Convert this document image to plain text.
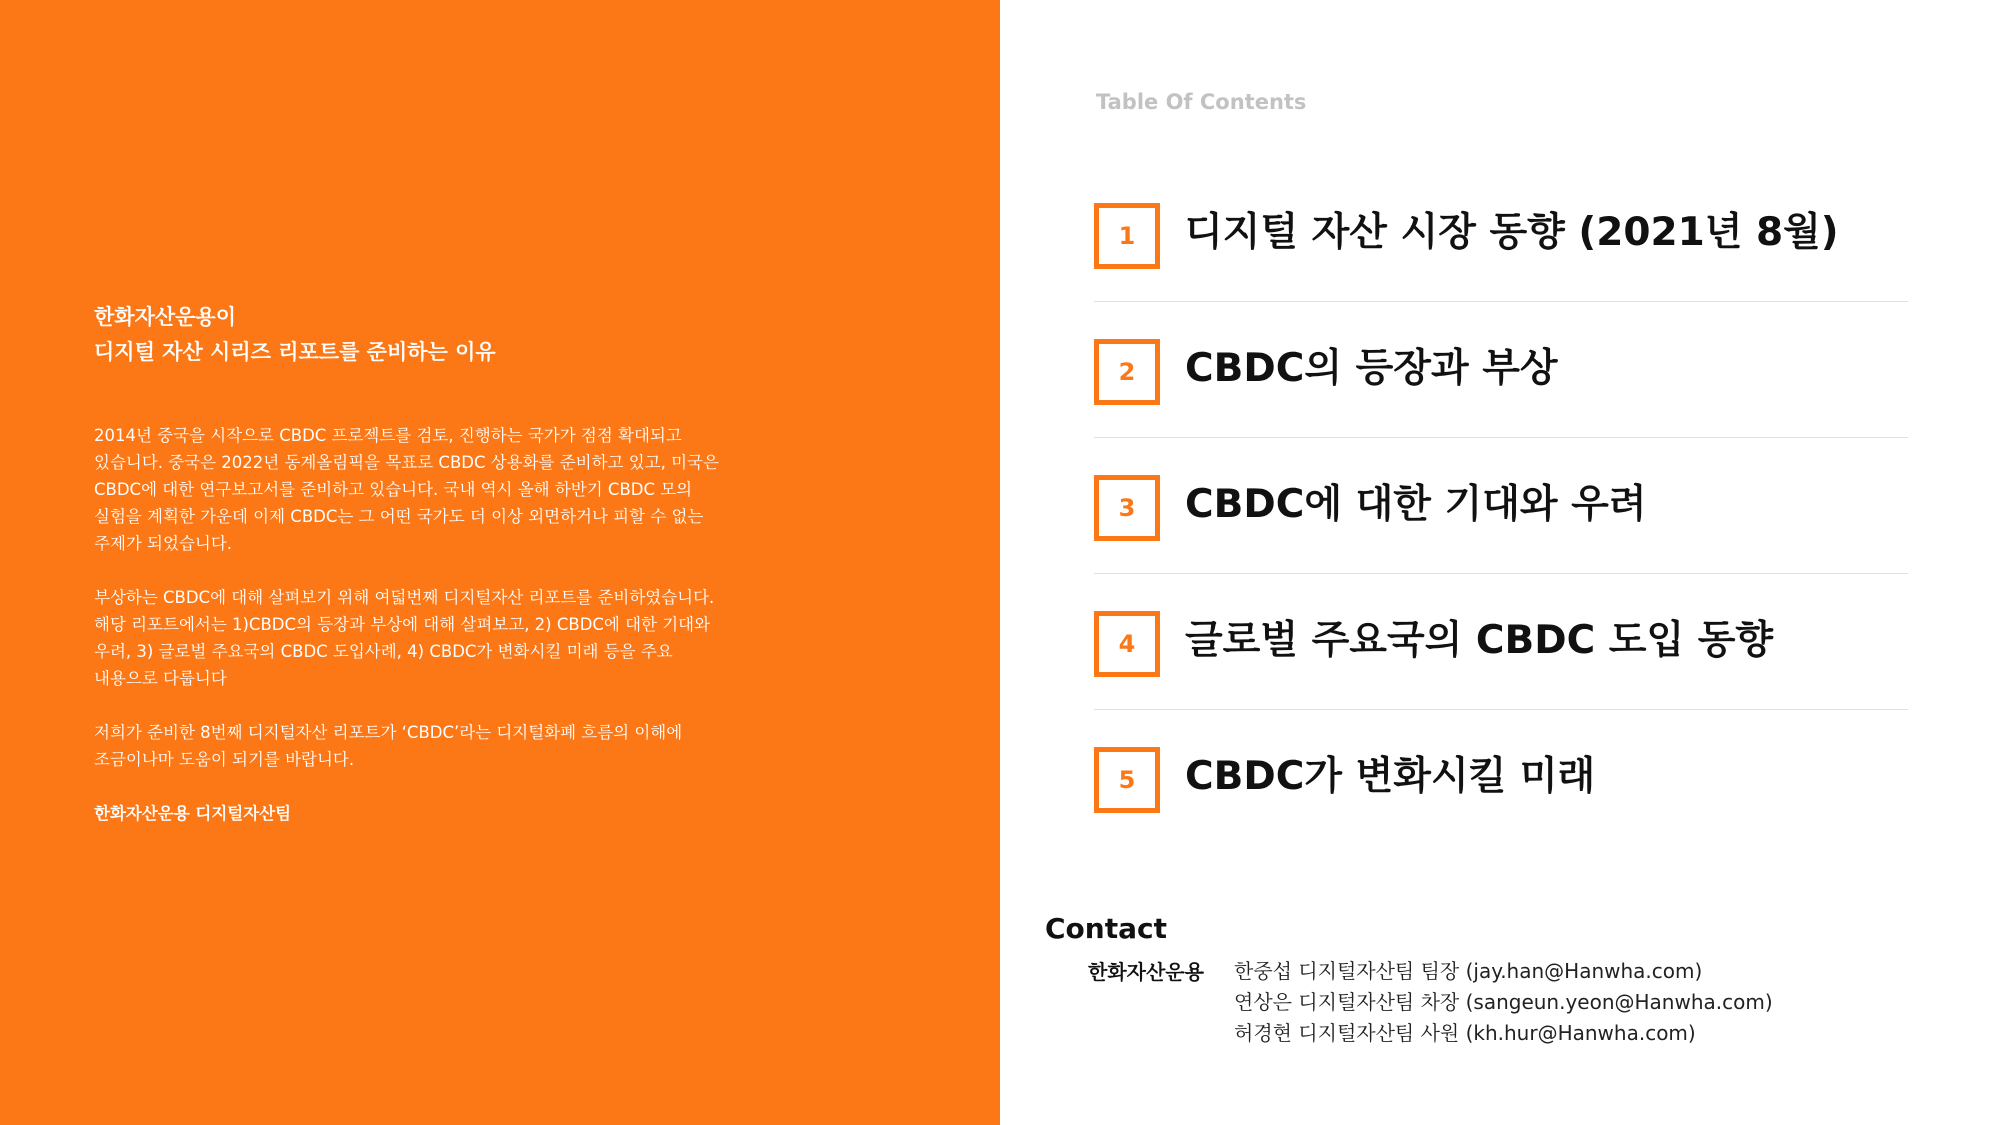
한화자산운용이
디지털 자산 시리즈 리포트를 준비하는 이유

2014년 중국을 시작으로 CBDC 프로젝트를 검토, 진행하는 국가가 점점 확대되고
있습니다. 중국은 2022년 동계올림픽을 목표로 CBDC 상용화를 준비하고 있고, 미국은
CBDC에 대한 연구보고서를 준비하고 있습니다. 국내 역시 올해 하반기 CBDC 모의
실험을 계획한 가운데 이제 CBDC는 그 어떤 국가도 더 이상 외면하거나 피할 수 없는
주제가 되었습니다.

부상하는 CBDC에 대해 살펴보기 위해 여덟번째 디지털자산 리포트를 준비하였습니다.
해당 리포트에서는 1)CBDC의 등장과 부상에 대해 살펴보고, 2) CBDC에 대한 기대와
우려, 3) 글로벌 주요국의 CBDC 도입사례, 4) CBDC가 변화시킬 미래 등을 주요
내용으로 다룹니다

저희가 준비한 8번째 디지털자산 리포트가 ‘CBDC’라는 디지털화폐 흐름의 이해에
조금이나마 도움이 되기를 바랍니다.

한화자산운용 디지털자산팀

Table Of Contents
1	디지털 자산 시장 동향 (2021년 8월)
2	CBDC의 등장과 부상
3	CBDC에 대한 기대와 우려
4	글로벌 주요국의 CBDC 도입 동향
5	CBDC가 변화시킬 미래
Contact
한화자산운용 한중섭 디지털자산팀 팀장 (jay.han@Hanwha.com)
연상은 디지털자산팀 차장 (sangeun.yeon@Hanwha.com)
허경현 디지털자산팀 사원 (kh.hur@Hanwha.com)
